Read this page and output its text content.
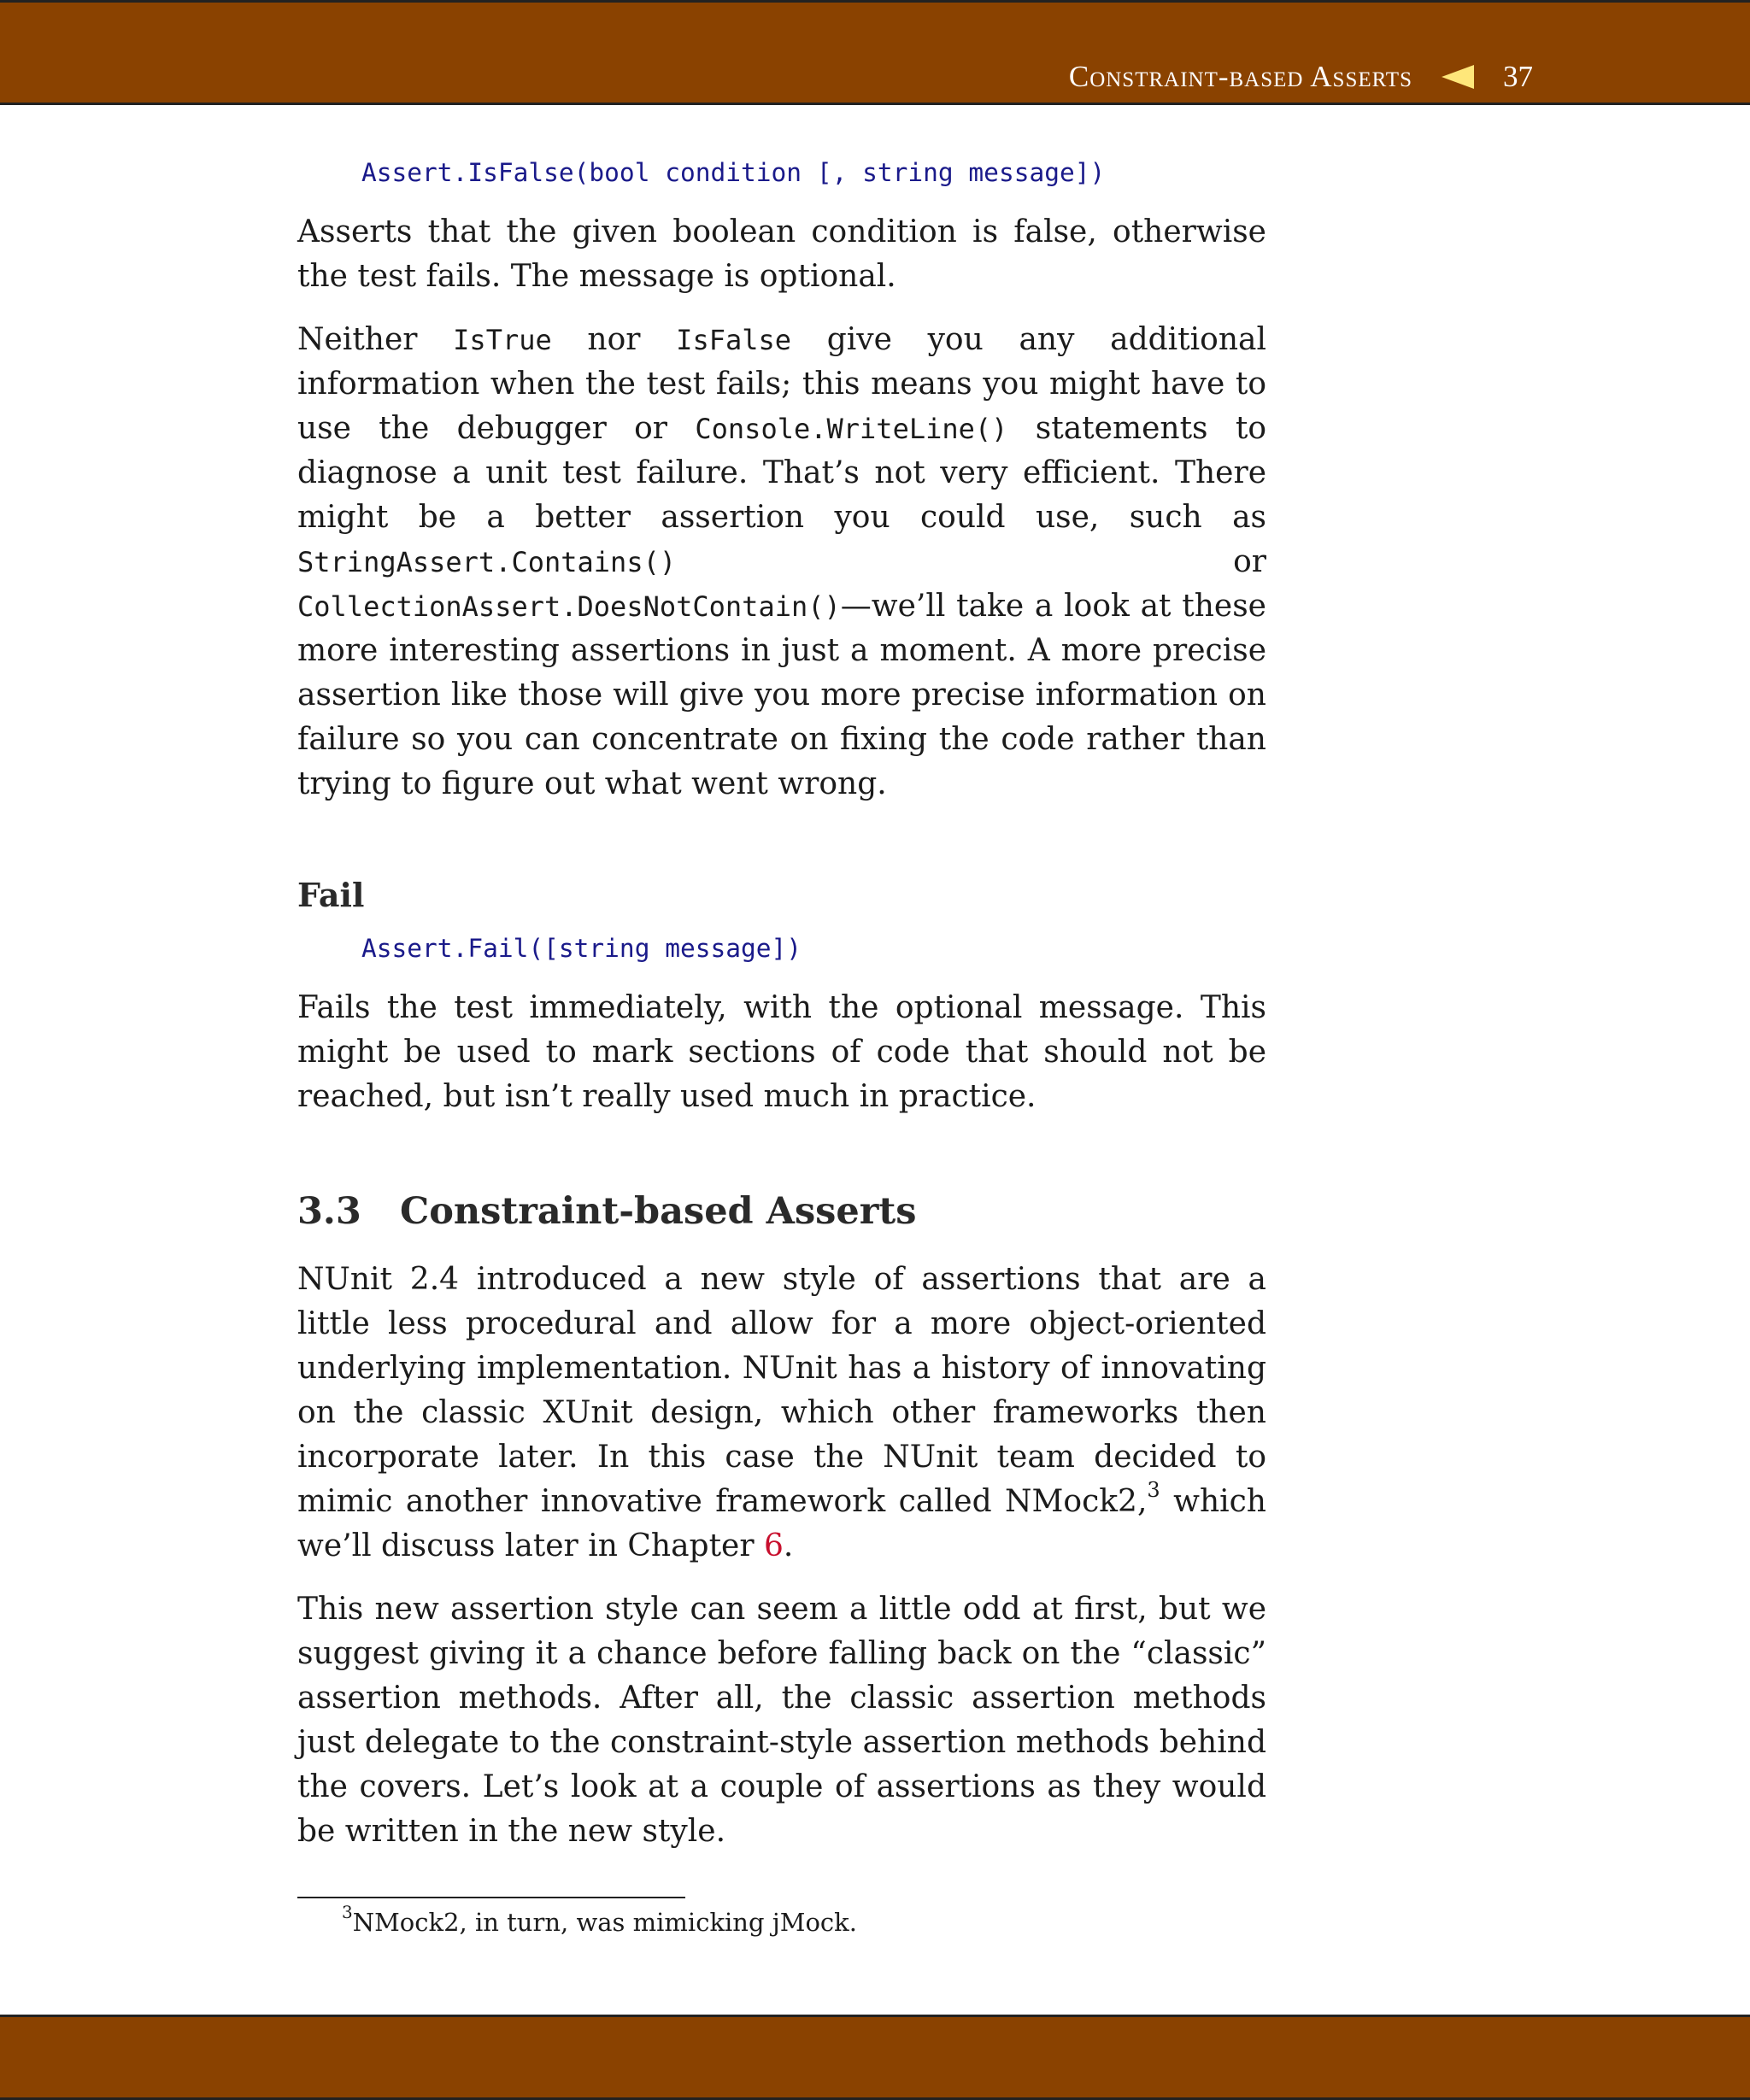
Constraint-based Asserts	37
Assert.IsFalse(bool condition [, string message])

Asserts that the given boolean condition is false, otherwise the test fails. The message is optional.

Neither IsTrue nor IsFalse give you any additional information when the test fails; this means you might have to use the debugger or Console.WriteLine() statements to diagnose a unit test failure. That’s not very efficient. There might be a better assertion you could use, such as StringAssert.Contains() or CollectionAssert.DoesNotContain()—we’ll take a look at these more interesting assertions in just a moment. A more precise assertion like those will give you more precise information on failure so you can concentrate on fixing the code rather than trying to figure out what went wrong.

Fail
Assert.Fail([string message])

Fails the test immediately, with the optional message. This might be used to mark sections of code that should not be reached, but isn’t really used much in practice.

3.3 Constraint-based Asserts

NUnit 2.4 introduced a new style of assertions that are a little less procedural and allow for a more object-oriented underlying implementation. NUnit has a history of innovating on the classic XUnit design, which other frameworks then incorporate later. In this case the NUnit team decided to mimic another innovative framework called NMock2,$^3$ which we’ll discuss later in Chapter 6.

This new assertion style can seem a little odd at first, but we suggest giving it a chance before falling back on the “classic” assertion methods. After all, the classic assertion methods just delegate to the constraint-style assertion methods behind the covers. Let’s look at a couple of assertions as they would be written in the new style.

$^3$NMock2, in turn, was mimicking jMock.
